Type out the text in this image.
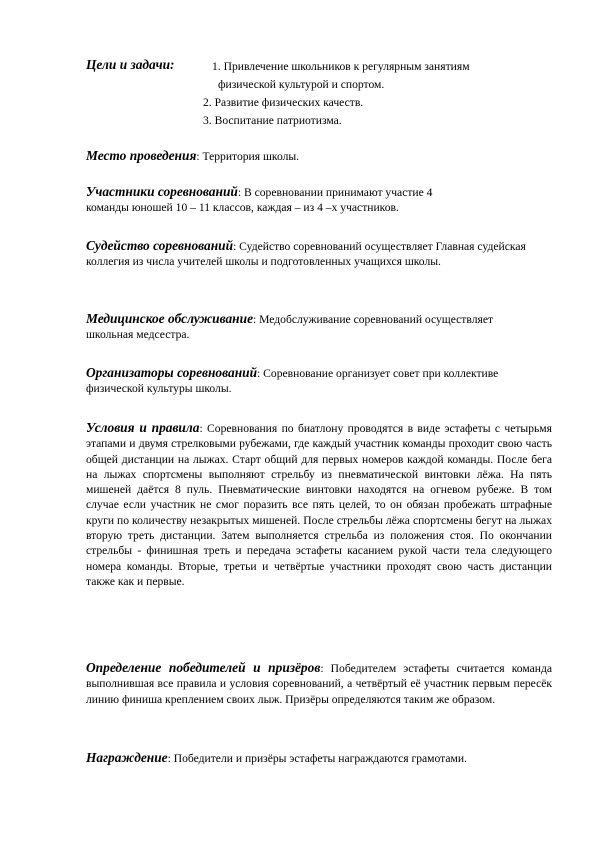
Цели и задачи:	1. Привлечение школьников к регулярным занятиям
физической культурой и спортом.
2. Развитие физических качеств.
3. Воспитание патриотизма.
Место проведения: Территория школы.
Участники соревнований: В соревновании принимают участие 4 команды юношей 10 – 11 классов, каждая – из 4 –х участников.
Судейство соревнований: Судейство соревнований осуществляет Главная судейская коллегия из числа учителей школы и подготовленных учащихся школы.
Медицинское обслуживание: Медобслуживание соревнований осуществляет школьная медсестра.
Организаторы соревнований: Соревнование организует совет при коллективе физической культуры школы.
Условия и правила: Соревнования по биатлону проводятся в виде эстафеты с четырьмя этапами и двумя стрелковыми рубежами, где каждый участник команды проходит свою часть общей дистанции на лыжах. Старт общий для первых номеров каждой команды. После бега на лыжах спортсмены выполняют стрельбу из пневматической винтовки лёжа. На пять мишеней даётся 8 пуль. Пневматические винтовки находятся на огневом рубеже. В том случае если участник не смог поразить все пять целей, то он обязан пробежать штрафные круги по количеству незакрытых мишеней. После стрельбы лёжа спортсмены бегут на лыжах вторую треть дистанции. Затем выполняется стрельба из положения стоя. По окончании стрельбы - финишная треть и передача эстафеты касанием рукой части тела следующего номера команды. Вторые, третьи и четвёртые участники проходят свою часть дистанции также как и первые.
Определение победителей и призёров: Победителем эстафеты считается команда выполнившая все правила и условия соревнований, а четвёртый её участник первым пересёк линию финиша креплением своих лыж. Призёры определяются таким же образом.
Награждение: Победители и призёры эстафеты награждаются грамотами.
